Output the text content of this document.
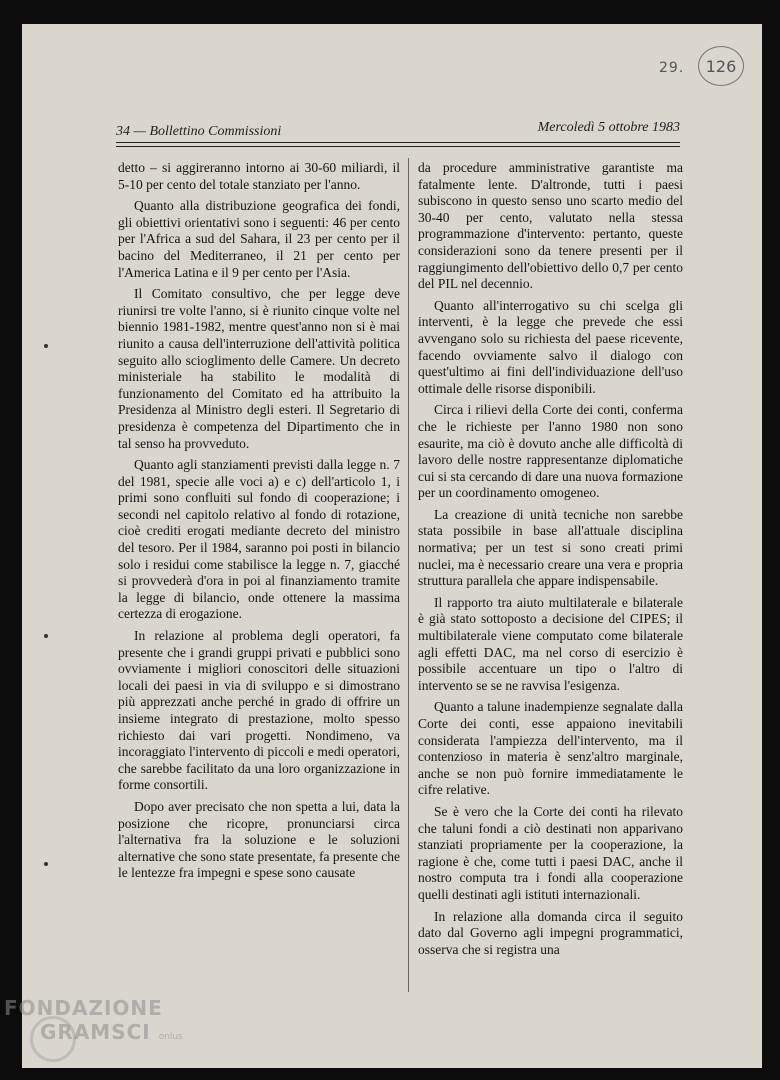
29. 126
34 — Bollettino Commissioni	Mercoledì 5 ottobre 1983

detto – si aggireranno intorno ai 30-60 miliardi, il 5-10 per cento del totale stanziato per l'anno.

Quanto alla distribuzione geografica dei fondi, gli obiettivi orientativi sono i seguenti: 46 per cento per l'Africa a sud del Sahara, il 23 per cento per il bacino del Mediterraneo, il 21 per cento per l'America Latina e il 9 per cento per l'Asia.

Il Comitato consultivo, che per legge deve riunirsi tre volte l'anno, si è riunito cinque volte nel biennio 1981-1982, mentre quest'anno non si è mai riunito a causa dell'interruzione dell'attività politica seguito allo scioglimento delle Camere. Un decreto ministeriale ha stabilito le modalità di funzionamento del Comitato ed ha attribuito la Presidenza al Ministro degli esteri. Il Segretario di presidenza è competenza del Dipartimento che in tal senso ha provveduto.

Quanto agli stanziamenti previsti dalla legge n. 7 del 1981, specie alle voci a) e c) dell'articolo 1, i primi sono confluiti sul fondo di cooperazione; i secondi nel capitolo relativo al fondo di rotazione, cioè crediti erogati mediante decreto del ministro del tesoro. Per il 1984, saranno poi posti in bilancio solo i residui come stabilisce la legge n. 7, giacché si provvederà d'ora in poi al finanziamento tramite la legge di bilancio, onde ottenere la massima certezza di erogazione.

In relazione al problema degli operatori, fa presente che i grandi gruppi privati e pubblici sono ovviamente i migliori conoscitori delle situazioni locali dei paesi in via di sviluppo e si dimostrano più apprezzati anche perché in grado di offrire un insieme integrato di prestazione, molto spesso richiesto dai vari progetti. Nondimeno, va incoraggiato l'intervento di piccoli e medi operatori, che sarebbe facilitato da una loro organizzazione in forme consortili.

Dopo aver precisato che non spetta a lui, data la posizione che ricopre, pronunciarsi circa l'alternativa fra la soluzione e le soluzioni alternative che sono state presentate, fa presente che le lentezze fra impegni e spese sono causate

da procedure amministrative garantiste ma fatalmente lente. D'altronde, tutti i paesi subiscono in questo senso uno scarto medio del 30-40 per cento, valutato nella stessa programmazione d'intervento: pertanto, queste considerazioni sono da tenere presenti per il raggiungimento dell'obiettivo dello 0,7 per cento del PIL nel decennio.

Quanto all'interrogativo su chi scelga gli interventi, è la legge che prevede che essi avvengano solo su richiesta del paese ricevente, facendo ovviamente salvo il dialogo con quest'ultimo ai fini dell'individuazione dell'uso ottimale delle risorse disponibili.

Circa i rilievi della Corte dei conti, conferma che le richieste per l'anno 1980 non sono esaurite, ma ciò è dovuto anche alle difficoltà di lavoro delle nostre rappresentanze diplomatiche cui si sta cercando di dare una nuova formazione per un coordinamento omogeneo.

La creazione di unità tecniche non sarebbe stata possibile in base all'attuale disciplina normativa; per un test si sono creati primi nuclei, ma è necessario creare una vera e propria struttura parallela che appare indispensabile.

Il rapporto tra aiuto multilaterale e bilaterale è già stato sottoposto a decisione del CIPES; il multibilaterale viene computato come bilaterale agli effetti DAC, ma nel corso di esercizio è possibile accentuare un tipo o l'altro di intervento se se ne ravvisa l'esigenza.

Quanto a talune inadempienze segnalate dalla Corte dei conti, esse appaiono inevitabili considerata l'ampiezza dell'intervento, ma il contenzioso in materia è senz'altro marginale, anche se non può fornire immediatamente le cifre relative.

Se è vero che la Corte dei conti ha rilevato che taluni fondi a ciò destinati non apparivano stanziati propriamente per la cooperazione, la ragione è che, come tutti i paesi DAC, anche il nostro computa tra i fondi alla cooperazione quelli destinati agli istituti internazionali.

In relazione alla domanda circa il seguito dato dal Governo agli impegni programmatici, osserva che si registra una

FONDAZIONE
GRAMSCI onlus
